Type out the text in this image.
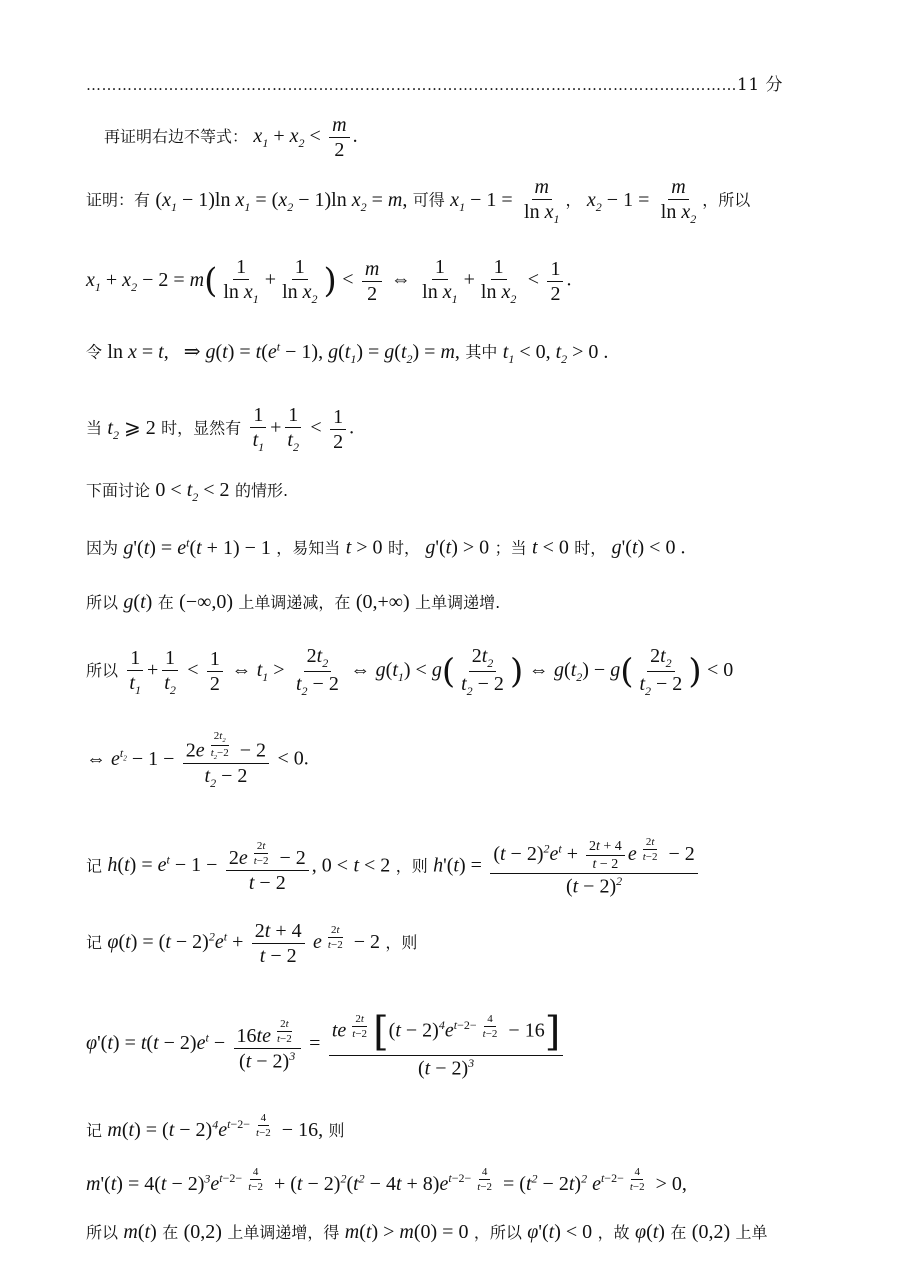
………………………………………………………………………………………………………………11 分
再证明右边不等式： $x_1 + x_2 < \frac{m}{2}$ .
证明：有 $(x_1 - 1)\ln$ $x_1 = (x_2 - 1)\ln$ $x_2 = m$, 可得 $x_1 - 1 = \frac{m}{\ln x_1}$ ， $x_2 - 1 = \frac{m}{\ln x_2}$ ，所以
$x_1 + x_2 - 2 = m( \frac{1}{\ln x_1} + \frac{1}{\ln x_2}$ ) < $\frac{m}{2}$ ⇔ $\frac{1}{\ln x_1} + \frac{1}{\ln x_2} < \frac{1}{2}$ .
令 ln x = t, ⇒ $g(t) = t(e^t - 1)$, $g(t_1) = g(t_2) = m$, 其中 $t_1 < 0$, $t_2 > 0$ .
当 $t_2$ ⩾ 2 时，显然有 $\frac{1}{t_1} + \frac{1}{t_2} < \frac{1}{2}$ .
下面讨论 $0 < t_2 < 2$ 的情形.
因为 $g'(t) = e^t(t + 1) - 1$ ，易知当 t > 0 时， g'(t) > 0 ；当 t < 0 时， g'(t) < 0 .
所以 g(t) 在 (−∞,0) 上单调递减，在 (0,+∞) 上单调递增.
所以 $\frac{1}{t_1} + \frac{1}{t_2} < \frac{1}{2}$ ⇔ $t_1 > \frac{2t_2}{t_2 - 2}$ ⇔ $g(t_1) < g( \frac{2t_2}{t_2 - 2}$ ) ⇔ $g(t_2) - g( \frac{2t_2}{t_2 - 2}$ ) < 0
⇔ $e^{t_2} - 1 - 2e$ $^{\frac{2t_2}{t_2-2}}$ − 2
$t_2 - 2 < 0$.
记 $h(t) = e^t - 1 - 2e$ $^{\frac{2t}{t-2}}$ − 2
t − 2 , 0 < t < 2 ，则 $h'(t) = (t - 2)^2e^t + \frac{2t + 4}{t - 2}$ e $^{\frac{2t}{t-2}}$ − 2
$(t - 2)^2$
记 $\varphi(t) = (t - 2)^2e^t + \frac{2t + 4}{t - 2}$ e $^{\frac{2t}{t-2}}$ − 2 ，则
$\varphi'(t) = t(t - 2)e^t - 16te$ $^{\frac{2t}{t-2}}$
$(t - 2)^3$ = te $^{\frac{2t}{t-2}}$ $[(t - 2)^4e^{t-2- \frac{4}{t-2}} - 16]$
$(t - 2)^3$
记 $m(t) = (t - 2)^4e^{t-2- \frac{4}{t-2}} - 16$, 则
$m'(t) = 4(t - 2)^3e^{t-2- \frac{4}{t-2}} + (t - 2)^2(t^2 - 4t + 8)e^{t-2- \frac{4}{t-2}} = (t^2 - 2t)^2$ $e^{t-2- \frac{4}{t-2}} > 0$,
所以 m(t) 在 (0,2) 上单调递增，得 m(t) > m(0) = 0 ，所以 φ'(t) < 0 ，故 φ(t) 在 (0,2) 上单
